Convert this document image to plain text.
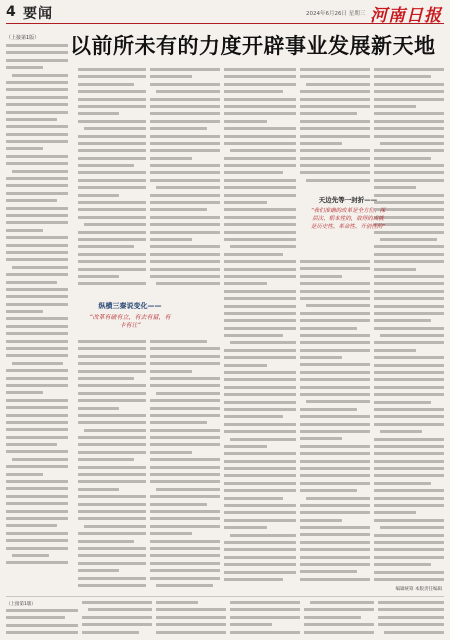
4 要闻	2024年6月26日 星期三 河南日报
以前所未有的力度开辟事业发展新天地
（上接第1版）
纵横三秦说变化——
“改革有破有立，有去有留，有卡有让”
天边先等一封折——
“我们准确的改革是全方位、深层次、根本性的，取得的成就是历史性、革命性、开创性的”
编辑统筹 本版责任编辑
（上接第1版）
